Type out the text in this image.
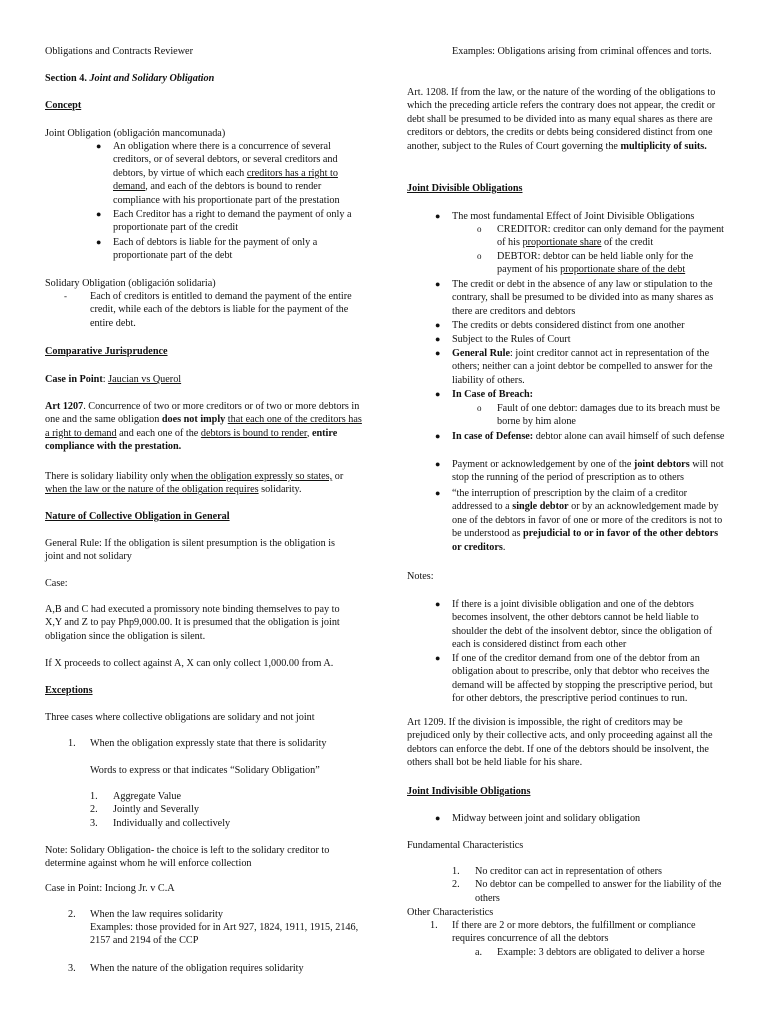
Obligations and Contracts Reviewer

Section 4. Joint and Solidary Obligation

Concept

Joint Obligation (obligación mancomunada)

● An obligation where there is a concurrence of several creditors, or of several debtors, or several creditors and debtors, by virtue of which each creditors has a right to demand, and each of the debtors is bound to render compliance with his proportionate part of the prestation

● Each Creditor has a right to demand the payment of only a proportionate part of the credit

● Each of debtors is liable for the payment of only a proportionate part of the debt

Solidary Obligation (obligación solidaria)

- Each of creditors is entitled to demand the payment of the entire credit, while each of the debtors is liable for the payment of the entire debt.

Comparative Jurisprudence

Case in Point: Jaucian vs Querol

Art 1207. Concurrence of two or more creditors or of two or more debtors in one and the same obligation does not imply that each one of the creditors has a right to demand and each one of the debtors is bound to render, entire compliance with the prestation.

There is solidary liability only when the obligation expressly so states, or when the law or the nature of the obligation requires solidarity.

Nature of Collective Obligation in General

General Rule: If the obligation is silent presumption is the obligation is joint and not solidary

Case:

A,B and C had executed a promissory note binding themselves to pay to X,Y and Z to pay Php9,000.00. It is presumed that the obligation is joint obligation since the obligation is silent.

If X proceeds to collect against A, X can only collect 1,000.00 from A.

Exceptions

Three cases where collective obligations are solidary and not joint

1. When the obligation expressly state that there is solidarity

Words to express or that indicates “Solidary Obligation”

1. Aggregate Value
2. Jointly and Severally
3. Individually and collectively

Note: Solidary Obligation- the choice is left to the solidary creditor to determine against whom he will enforce collection

Case in Point: Inciong Jr. v C.A

2. When the law requires solidarity

Examples: those provided for in Art 927, 1824, 1911, 1915, 2146, 2157 and 2194 of the CCP

3. When the nature of the obligation requires solidarity

Examples: Obligations arising from criminal offences and torts.

Art. 1208. If from the law, or the nature of the wording of the obligations to which the preceding article refers the contrary does not appear, the credit or debt shall be presumed to be divided into as many equal shares as there are creditors or debtors, the credits or debts being considered distinct from one another, subject to the Rules of Court governing the multiplicity of suits.

Joint Divisible Obligations

● The most fundamental Effect of Joint Divisible Obligations

o CREDITOR: creditor can only demand for the payment of his proportionate share of the credit

o DEBTOR: debtor can be held liable only for the payment of his proportionate share of the debt

● The credit or debt in the absence of any law or stipulation to the contrary, shall be presumed to be divided into as many shares as there are creditors and debtors

● The credits or debts considered distinct from one another

● Subject to the Rules of Court

● General Rule: joint creditor cannot act in representation of the others; neither can a joint debtor be compelled to answer for the liability of others.

● In Case of Breach:

o Fault of one debtor: damages due to its breach must be borne by him alone

● In case of Defense: debtor alone can avail himself of such defense

● Payment or acknowledgement by one of the joint debtors will not stop the running of the period of prescription as to others

● “the interruption of prescription by the claim of a creditor addressed to a single debtor or by an acknowledgement made by one of the debtors in favor of one or more of the creditors is not to be understood as prejudicial to or in favor of the other debtors or creditors.

Notes:

● If there is a joint divisible obligation and one of the debtors becomes insolvent, the other debtors cannot be held liable to shoulder the debt of the insolvent debtor, since the obligation of each is considered distinct from each other

● If one of the creditor demand from one of the debtor from an obligation about to prescribe, only that debtor who receives the demand will be affected by stopping the prescriptive period, but for other debtors, the prescriptive period continues to run.

Art 1209. If the division is impossible, the right of creditors may be prejudiced only by their collective acts, and only proceeding against all the debtors can enforce the debt. If one of the debtors should be insolvent, the others shall bot be held liable for his share.

Joint Indivisible Obligations

● Midway between joint and solidary obligation

Fundamental Characteristics

1. No creditor can act in representation of others
2. No debtor can be compelled to answer for the liability of the others

Other Characteristics

1. If there are 2 or more debtors, the fulfillment or compliance requires concurrence of all the debtors

a. Example: 3 debtors are obligated to deliver a horse
